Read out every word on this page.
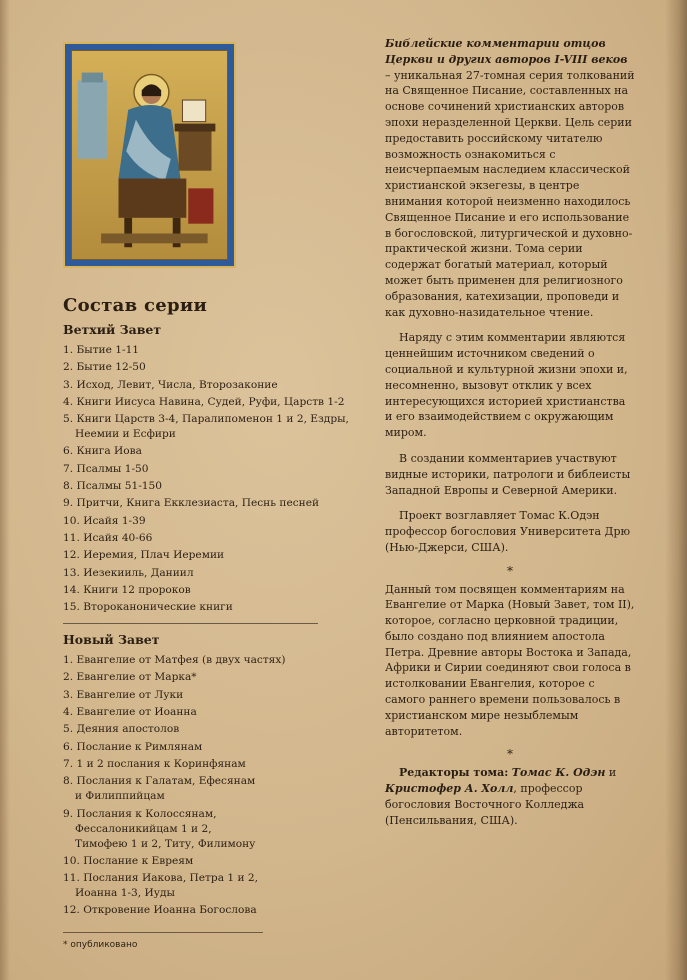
Состав серии
Ветхий Завет
1. Бытие 1-11
2. Бытие 12-50
3. Исход, Левит, Числа, Второзаконие
4. Книги Иисуса Навина, Судей, Руфи, Царств 1-2
5. Книги Царств 3-4, Паралипоменон 1 и 2, Ездры,
Неемии и Есфири
6. Книга Иова
7. Псалмы 1-50
8. Псалмы 51-150
9. Притчи, Книга Екклезиаста, Песнь песней
10. Исайя 1-39
11. Исайя 40-66
12. Иеремия, Плач Иеремии
13. Иезекииль, Даниил
14. Книги 12 пророков
15. Второканонические книги
Новый Завет
1. Евангелие от Матфея (в двух частях)
2. Евангелие от Марка*
3. Евангелие от Луки
4. Евангелие от Иоанна
5. Деяния апостолов
6. Послание к Римлянам
7. 1 и 2 послания к Коринфянам
8. Послания к Галатам, Ефесянам
и Филиппийцам
9. Послания к Колоссянам,
Фессалоникийцам 1 и 2,
Тимофею 1 и 2, Титу, Филимону
10. Послание к Евреям
11. Послания Иакова, Петра 1 и 2,
Иоанна 1-3, Иуды
12. Откровение Иоанна Богослова
* опубликовано

Библейские комментарии отцов Церкви и других авторов I-VIII веков – уникальная 27-томная серия толкований на Священное Писание, составленных на основе сочинений христианских авторов эпохи неразделенной Церкви. Цель серии предоставить российскому читателю возможность ознакомиться с неисчерпаемым наследием классической христианской экзегезы, в центре внимания которой неизменно находилось Священное Писание и его использование в богословской, литургической и духовно-практической жизни. Тома серии содержат богатый материал, который может быть применен для религиозного образования, катехизации, проповеди и как духовно-назидательное чтение.

Наряду с этим комментарии являются ценнейшим источником сведений о социальной и культурной жизни эпохи и, несомненно, вызовут отклик у всех интересующихся историей христианства и его взаимодействием с окружающим миром.

В создании комментариев участвуют видные историки, патрологи и библеисты Западной Европы и Северной Америки.

Проект возглавляет Томас К.Одэн профессор богословия Университета Дрю (Нью-Джерси, США).

*

Данный том посвящен комментариям на Евангелие от Марка (Новый Завет, том II), которое, согласно церковной традиции, было создано под влиянием апостола Петра. Древние авторы Востока и Запада, Африки и Сирии соединяют свои голоса в истолковании Евангелия, которое с самого раннего времени пользовалось в христианском мире незыблемым авторитетом.

*

Редакторы тома: Томас К. Одэн и Кристофер А. Холл, профессор богословия Восточного Колледжа (Пенсильвания, США).
